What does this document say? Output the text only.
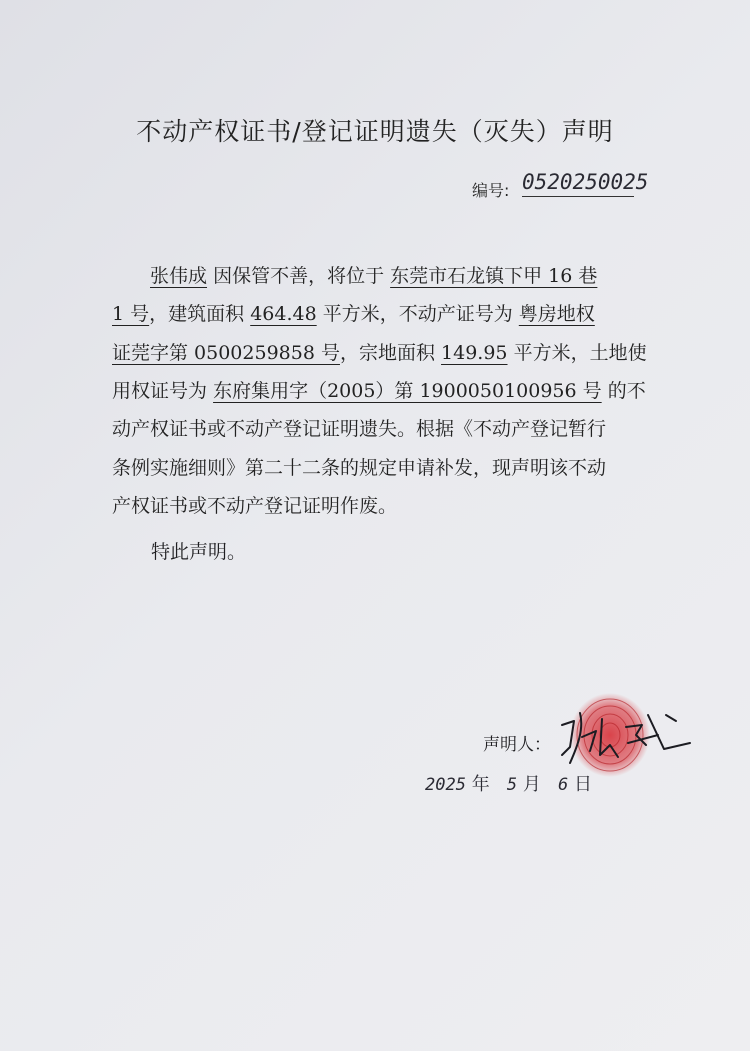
不动产权证书/登记证明遗失（灭失）声明
编号: 0520250025
张伟成 因保管不善，将位于 东莞市石龙镇下甲 16 巷
1 号，建筑面积 464.48 平方米，不动产证号为 粤房地权
证莞字第 0500259858 号，宗地面积 149.95 平方米，土地使
用权证号为 东府集用字（2005）第 1900050100956 号 的不
动产权证书或不动产登记证明遗失。根据《不动产登记暂行
条例实施细则》第二十二条的规定申请补发，现声明该不动
产权证书或不动产登记证明作废。
特此声明。
声明人：
2025 年 5 月 6 日
